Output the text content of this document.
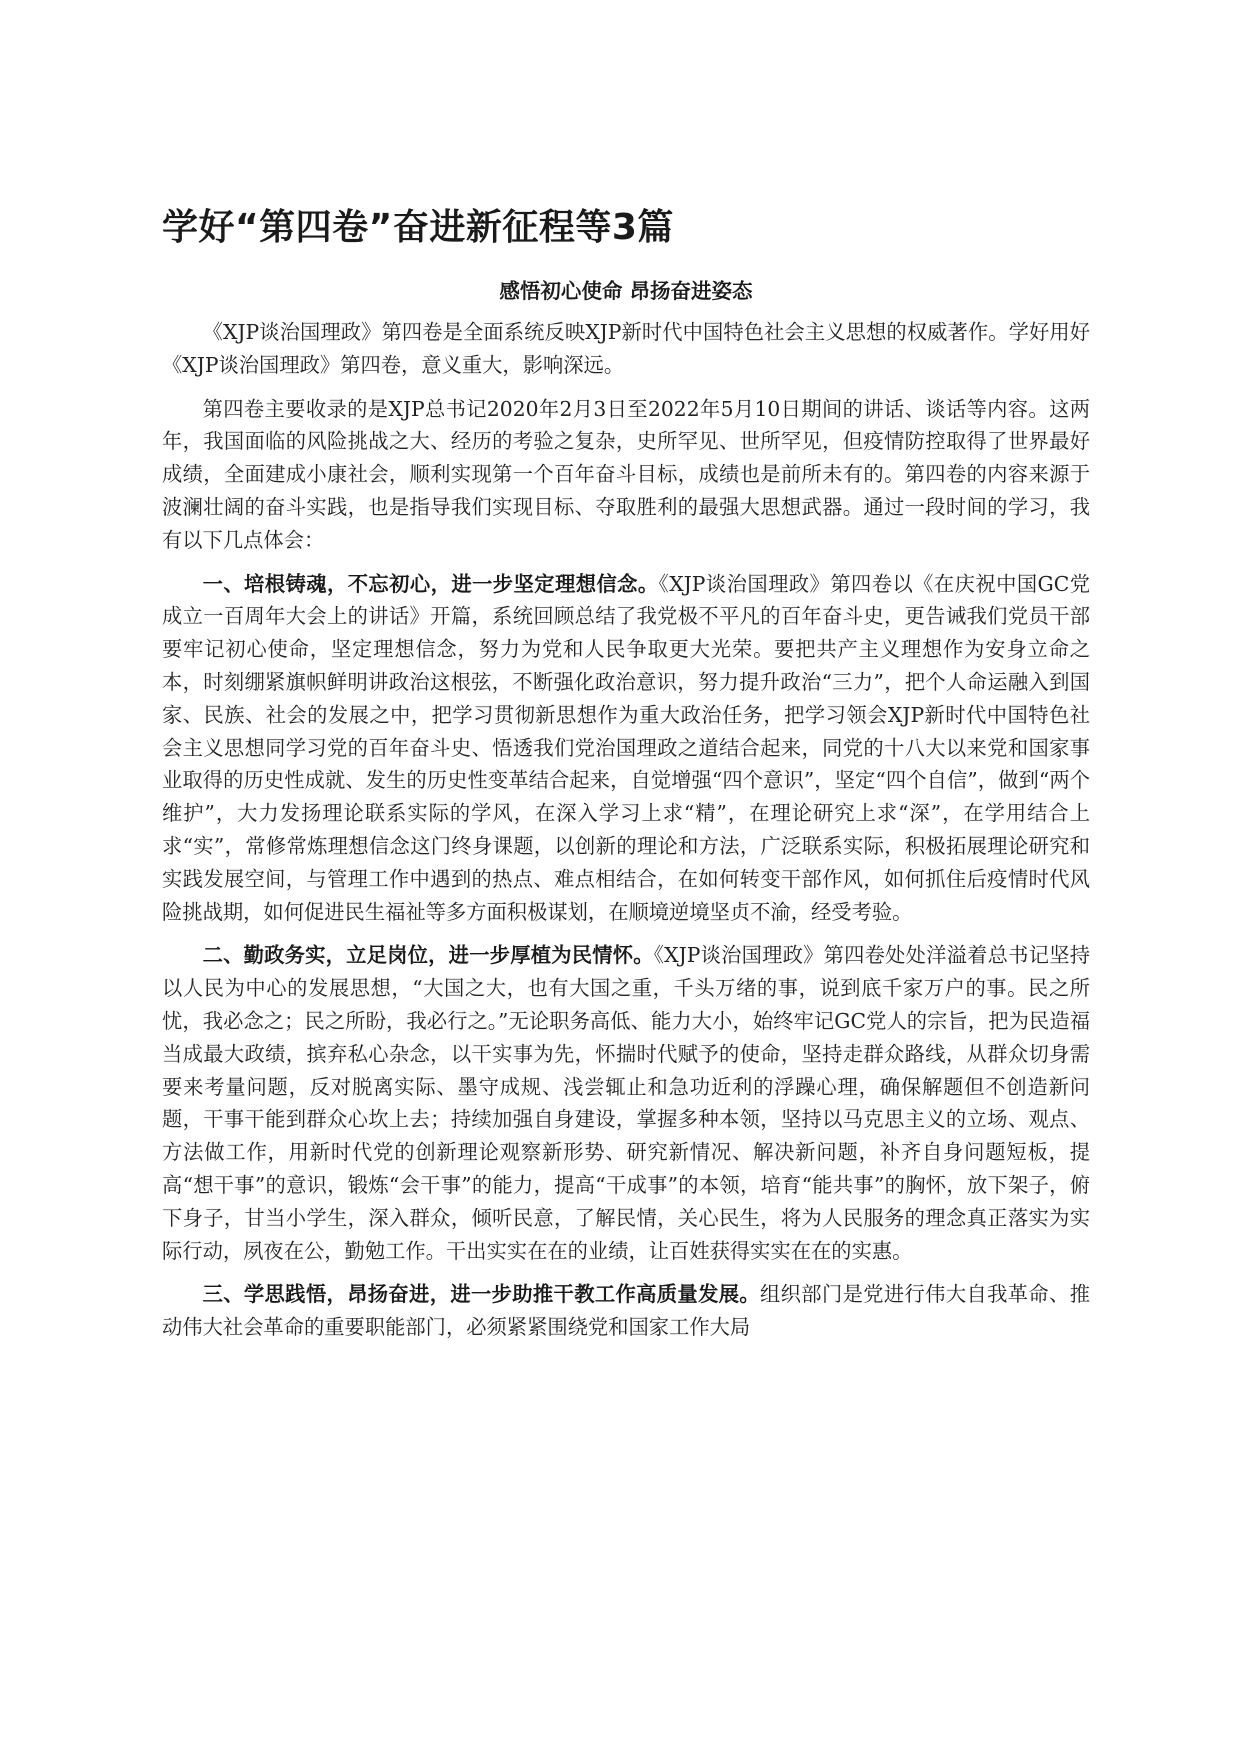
学好“第四卷”奋进新征程等3篇
感悟初心使命 昂扬奋进姿态

《XJP谈治国理政》第四卷是全面系统反映XJP新时代中国特色社会主义思想的权威著作。学好用好《XJP谈治国理政》第四卷，意义重大，影响深远。

第四卷主要收录的是XJP总书记2020年2月3日至2022年5月10日期间的讲话、谈话等内容。这两年，我国面临的风险挑战之大、经历的考验之复杂，史所罕见、世所罕见，但疫情防控取得了世界最好成绩，全面建成小康社会，顺利实现第一个百年奋斗目标，成绩也是前所未有的。第四卷的内容来源于波澜壮阔的奋斗实践，也是指导我们实现目标、夺取胜利的最强大思想武器。通过一段时间的学习，我有以下几点体会：

一、培根铸魂，不忘初心，进一步坚定理想信念。《XJP谈治国理政》第四卷以《在庆祝中国GC党成立一百周年大会上的讲话》开篇，系统回顾总结了我党极不平凡的百年奋斗史，更告诫我们党员干部要牢记初心使命，坚定理想信念，努力为党和人民争取更大光荣。要把共产主义理想作为安身立命之本，时刻绷紧旗帜鲜明讲政治这根弦，不断强化政治意识，努力提升政治“三力”，把个人命运融入到国家、民族、社会的发展之中，把学习贯彻新思想作为重大政治任务，把学习领会XJP新时代中国特色社会主义思想同学习党的百年奋斗史、悟透我们党治国理政之道结合起来，同党的十八大以来党和国家事业取得的历史性成就、发生的历史性变革结合起来，自觉增强“四个意识”，坚定“四个自信”，做到“两个维护”，大力发扬理论联系实际的学风，在深入学习上求“精”，在理论研究上求“深”，在学用结合上求“实”，常修常炼理想信念这门终身课题，以创新的理论和方法，广泛联系实际，积极拓展理论研究和实践发展空间，与管理工作中遇到的热点、难点相结合，在如何转变干部作风，如何抓住后疫情时代风险挑战期，如何促进民生福祉等多方面积极谋划，在顺境逆境坚贞不渝，经受考验。

二、勤政务实，立足岗位，进一步厚植为民情怀。《XJP谈治国理政》第四卷处处洋溢着总书记坚持以人民为中心的发展思想，“大国之大，也有大国之重，千头万绪的事，说到底千家万户的事。民之所忧，我必念之；民之所盼，我必行之。”无论职务高低、能力大小，始终牢记GC党人的宗旨，把为民造福当成最大政绩，摈弃私心杂念，以干实事为先，怀揣时代赋予的使命，坚持走群众路线，从群众切身需要来考量问题，反对脱离实际、墨守成规、浅尝辄止和急功近利的浮躁心理，确保解题但不创造新问题，干事干能到群众心坎上去；持续加强自身建设，掌握多种本领，坚持以马克思主义的立场、观点、方法做工作，用新时代党的创新理论观察新形势、研究新情况、解决新问题，补齐自身问题短板，提高“想干事”的意识，锻炼“会干事”的能力，提高“干成事”的本领，培育“能共事”的胸怀，放下架子，俯下身子，甘当小学生，深入群众，倾听民意，了解民情，关心民生，将为人民服务的理念真正落实为实际行动，夙夜在公，勤勉工作。干出实实在在的业绩，让百姓获得实实在在的实惠。

三、学思践悟，昂扬奋进，进一步助推干教工作高质量发展。组织部门是党进行伟大自我革命、推动伟大社会革命的重要职能部门，必须紧紧围绕党和国家工作大局
